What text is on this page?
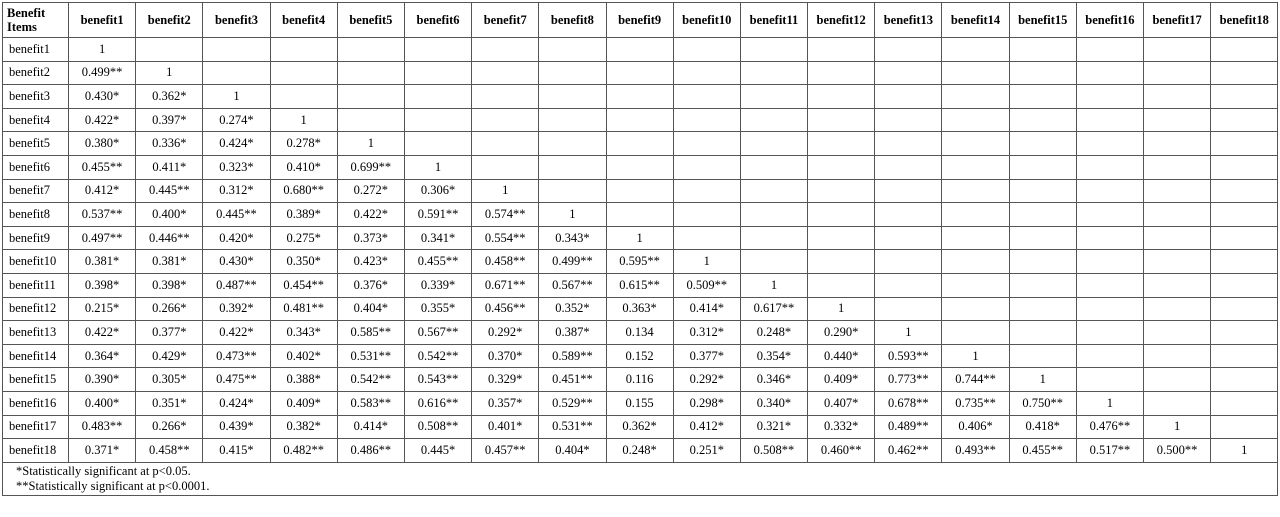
Benefit Items	benefit1	benefit2	benefit3	benefit4	benefit5	benefit6	benefit7	benefit8	benefit9	benefit10	benefit11	benefit12	benefit13	benefit14	benefit15	benefit16	benefit17	benefit18
benefit1	1																	
benefit2	0.499**	1																
benefit3	0.430*	0.362*	1															
benefit4	0.422*	0.397*	0.274*	1														
benefit5	0.380*	0.336*	0.424*	0.278*	1													
benefit6	0.455**	0.411*	0.323*	0.410*	0.699**	1												
benefit7	0.412*	0.445**	0.312*	0.680**	0.272*	0.306*	1											
benefit8	0.537**	0.400*	0.445**	0.389*	0.422*	0.591**	0.574**	1										
benefit9	0.497**	0.446**	0.420*	0.275*	0.373*	0.341*	0.554**	0.343*	1									
benefit10	0.381*	0.381*	0.430*	0.350*	0.423*	0.455**	0.458**	0.499**	0.595**	1								
benefit11	0.398*	0.398*	0.487**	0.454**	0.376*	0.339*	0.671**	0.567**	0.615**	0.509**	1							
benefit12	0.215*	0.266*	0.392*	0.481**	0.404*	0.355*	0.456**	0.352*	0.363*	0.414*	0.617**	1						
benefit13	0.422*	0.377*	0.422*	0.343*	0.585**	0.567**	0.292*	0.387*	0.134	0.312*	0.248*	0.290*	1					
benefit14	0.364*	0.429*	0.473**	0.402*	0.531**	0.542**	0.370*	0.589**	0.152	0.377*	0.354*	0.440*	0.593**	1				
benefit15	0.390*	0.305*	0.475**	0.388*	0.542**	0.543**	0.329*	0.451**	0.116	0.292*	0.346*	0.409*	0.773**	0.744**	1			
benefit16	0.400*	0.351*	0.424*	0.409*	0.583**	0.616**	0.357*	0.529**	0.155	0.298*	0.340*	0.407*	0.678**	0.735**	0.750**	1		
benefit17	0.483**	0.266*	0.439*	0.382*	0.414*	0.508**	0.401*	0.531**	0.362*	0.412*	0.321*	0.332*	0.489**	0.406*	0.418*	0.476**	1	
benefit18	0.371*	0.458**	0.415*	0.482**	0.486**	0.445*	0.457**	0.404*	0.248*	0.251*	0.508**	0.460**	0.462**	0.493**	0.455**	0.517**	0.500**	1

*Statistically significant at p<0.05.
**Statistically significant at p<0.0001.																		
